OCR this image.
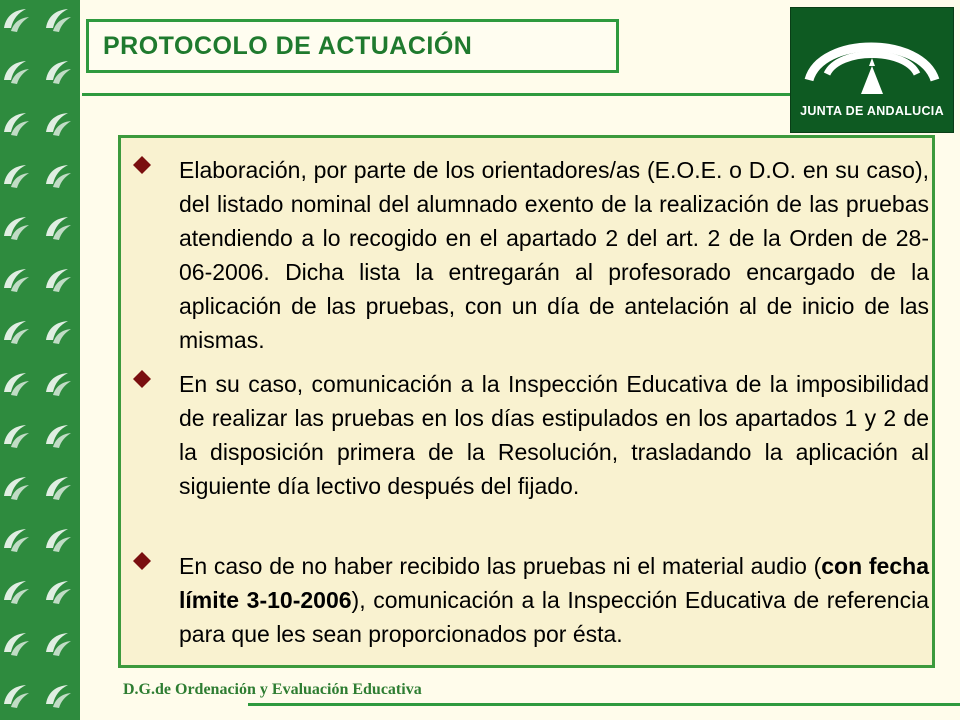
PROTOCOLO DE ACTUACIÓN
JUNTA DE ANDALUCIA
Elaboración, por parte de los orientadores/as (E.O.E. o D.O. en su caso), del listado nominal del alumnado exento de la realización de las pruebas atendiendo a lo recogido en el apartado 2 del art. 2 de la Orden de 28-06-2006. Dicha lista la entregarán al profesorado encargado de la aplicación de las pruebas, con un día de antelación al de inicio de las mismas.
En su caso, comunicación a la Inspección Educativa de la imposibilidad de realizar las pruebas en los días estipulados en los apartados 1 y 2 de la disposición primera de la Resolución, trasladando la aplicación al siguiente día lectivo después del fijado.
En caso de no haber recibido las pruebas ni el material audio (con fecha límite 3-10-2006), comunicación a la Inspección Educativa de referencia para que les sean proporcionados por ésta.
D.G.de Ordenación y Evaluación Educativa
